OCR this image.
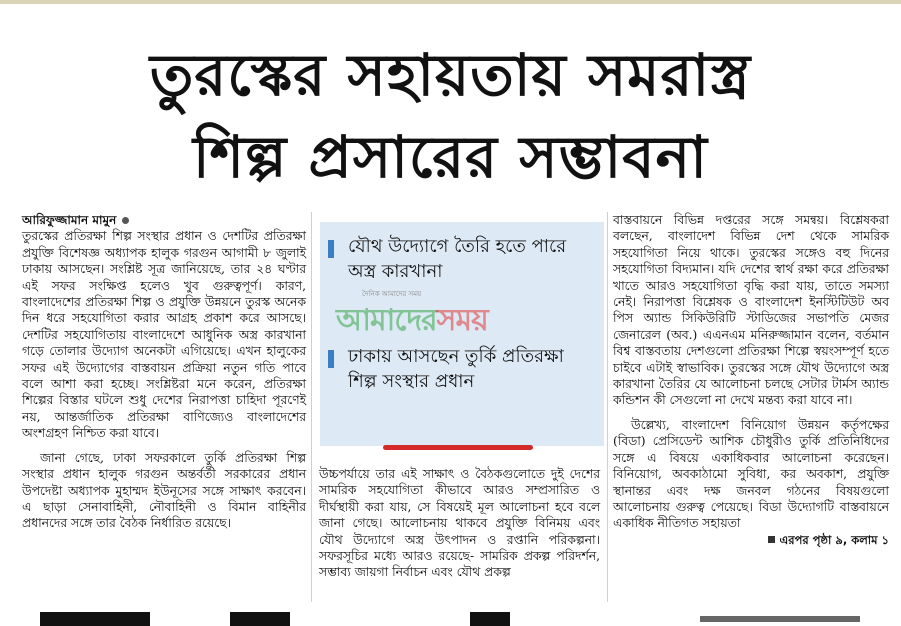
তুরস্কের সহায়তায় সমরাস্ত্র
শিল্প প্রসারের সম্ভাবনা
আরিফুজ্জামান মামুন

তুরস্কের প্রতিরক্ষা শিল্প সংস্থার প্রধান ও দেশটির প্রতিরক্ষা প্রযুক্তি বিশেষজ্ঞ অধ্যাপক হালুক গরগুন আগামী ৮ জুলাই ঢাকায় আসছেন। সংশ্লিষ্ট সূত্র জানিয়েছে, তার ২৪ ঘণ্টার এই সফর সংক্ষিপ্ত হলেও খুব গুরুত্বপূর্ণ। কারণ, বাংলাদেশের প্রতিরক্ষা শিল্প ও প্রযুক্তি উন্নয়নে তুরস্ক অনেক দিন ধরে সহযোগিতা করার আগ্রহ প্রকাশ করে আসছে। দেশটির সহযোগিতায় বাংলাদেশে আধুনিক অস্ত্র কারখানা গড়ে তোলার উদ্যোগ অনেকটা এগিয়েছে। এখন হালুকের সফর এই উদ্যোগের বাস্তবায়ন প্রক্রিয়া নতুন গতি পাবে বলে আশা করা হচ্ছে। সংশ্লিষ্টরা মনে করেন, প্রতিরক্ষা শিল্পের বিস্তার ঘটলে শুধু দেশের নিরাপত্তা চাহিদা পূরণেই নয়, আন্তর্জাতিক প্রতিরক্ষা বাণিজ্যেও বাংলাদেশের অংশগ্রহণ নিশ্চিত করা যাবে।

জানা গেছে, ঢাকা সফরকালে তুর্কি প্রতিরক্ষা শিল্প সংস্থার প্রধান হালুক গরগুন অন্তর্বর্তী সরকারের প্রধান উপদেষ্টা অধ্যাপক মুহাম্মদ ইউনূসের সঙ্গে সাক্ষাৎ করবেন। এ ছাড়া সেনাবাহিনী, নৌবাহিনী ও বিমান বাহিনীর প্রধানদের সঙ্গে তার বৈঠক নির্ধারিত রয়েছে।

যৌথ উদ্যোগে তৈরি হতে পারে অস্ত্র কারখানা
ঢাকায় আসছেন তুর্কি প্রতিরক্ষা শিল্প সংস্থার প্রধান
দৈনিক আমাদের সময়
আমাদেরসময়

উচ্চপর্যায়ে তার এই সাক্ষাৎ ও বৈঠকগুলোতে দুই দেশের সামরিক সহযোগিতা কীভাবে আরও সম্প্রসারিত ও দীর্ঘস্থায়ী করা যায়, সে বিষয়েই মূল আলোচনা হবে বলে জানা গেছে। আলোচনায় থাকবে প্রযুক্তি বিনিময় এবং যৌথ উদ্যোগে অস্ত্র উৎপাদন ও রপ্তানি পরিকল্পনা। সফরসূচির মধ্যে আরও রয়েছে- সামরিক প্রকল্প পরিদর্শন, সম্ভাব্য জায়গা নির্বাচন এবং যৌথ প্রকল্প

বাস্তবায়নে বিভিন্ন দপ্তরের সঙ্গে সমন্বয়। বিশ্লেষকরা বলছেন, বাংলাদেশ বিভিন্ন দেশ থেকে সামরিক সহযোগিতা নিয়ে থাকে। তুরস্কের সঙ্গেও বহু দিনের সহযোগিতা বিদ্যমান। যদি দেশের স্বার্থ রক্ষা করে প্রতিরক্ষা খাতে আরও সহযোগিতা বৃদ্ধি করা যায়, তাতে সমস্যা নেই। নিরাপত্তা বিশ্লেষক ও বাংলাদেশ ইনস্টিটিউট অব পিস অ্যান্ড সিকিউরিটি স্টাডিজের সভাপতি মেজর জেনারেল (অব.) এএনএম মনিরুজ্জামান বলেন, বর্তমান বিশ্ব বাস্তবতায় দেশগুলো প্রতিরক্ষা শিল্পে স্বয়ংসম্পূর্ণ হতে চাইবে এটাই স্বাভাবিক। তুরস্কের সঙ্গে যৌথ উদ্যোগে অস্ত্র কারখানা তৈরির যে আলোচনা চলছে সেটার টার্মস অ্যান্ড কন্ডিশন কী সেগুলো না দেখে মন্তব্য করা যাবে না।

উল্লেখ্য, বাংলাদেশ বিনিয়োগ উন্নয়ন কর্তৃপক্ষের (বিডা) প্রেসিডেন্ট আশিক চৌধুরীও তুর্কি প্রতিনিধিদের সঙ্গে এ বিষয়ে একাধিকবার আলোচনা করেছেন। বিনিয়োগ, অবকাঠামো সুবিধা, কর অবকাশ, প্রযুক্তি স্থানান্তর এবং দক্ষ জনবল গঠনের বিষয়গুলো আলোচনায় গুরুত্ব পেয়েছে। বিডা উদ্যোগটি বাস্তবায়নে একাধিক নীতিগত সহায়তা

এরপর পৃষ্ঠা ৯, কলাম ১
